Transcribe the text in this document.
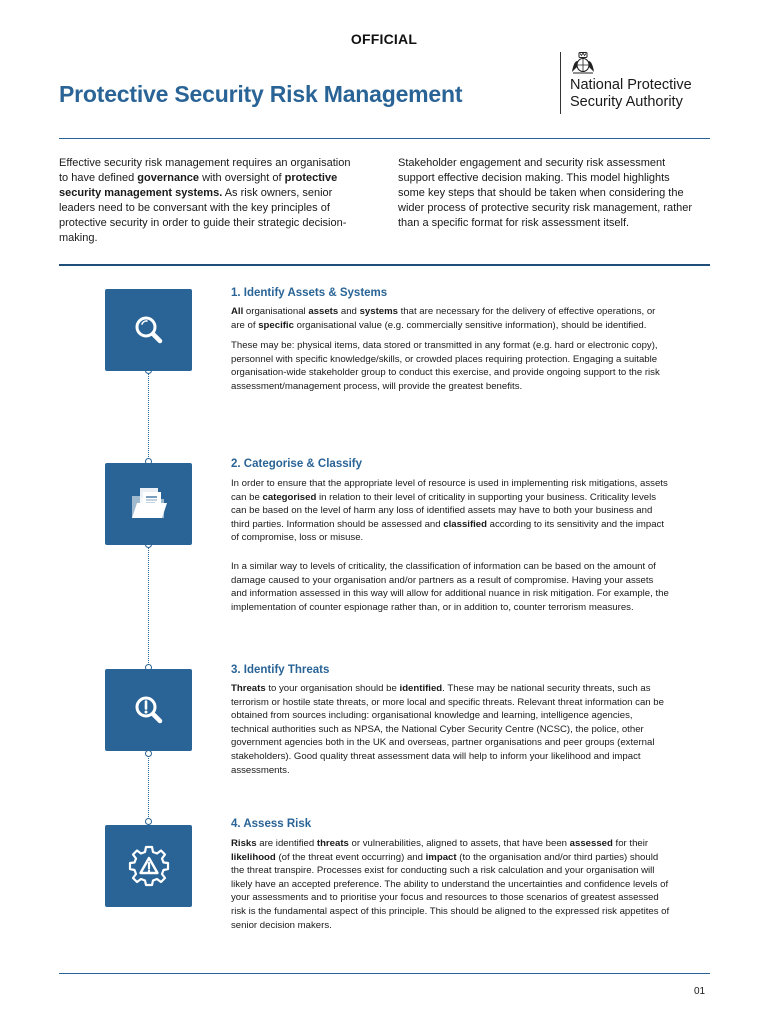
OFFICIAL
Protective Security Risk Management	National Protective
Security Authority
Effective security risk management requires an organisation to have defined governance with oversight of protective security management systems. As risk owners, senior leaders need to be conversant with the key principles of protective security in order to guide their strategic decision-making.
Stakeholder engagement and security risk assessment support effective decision making. This model highlights some key steps that should be taken when considering the wider process of protective security risk management, rather than a specific format for risk assessment itself.
1. Identify Assets & Systems

All organisational assets and systems that are necessary for the delivery of effective operations, or are of specific organisational value (e.g. commercially sensitive information), should be identified.

These may be: physical items, data stored or transmitted in any format (e.g. hard or electronic copy), personnel with specific knowledge/skills, or crowded places requiring protection. Engaging a suitable organisation-wide stakeholder group to conduct this exercise, and provide ongoing support to the risk assessment/management process, will provide the greatest benefits.

2. Categorise & Classify

In order to ensure that the appropriate level of resource is used in implementing risk mitigations, assets can be categorised in relation to their level of criticality in supporting your business. Criticality levels can be based on the level of harm any loss of identified assets may have to both your business and third parties. Information should be assessed and classified according to its sensitivity and the impact of compromise, loss or misuse.

In a similar way to levels of criticality, the classification of information can be based on the amount of damage caused to your organisation and/or partners as a result of compromise. Having your assets and information assessed in this way will allow for additional nuance in risk mitigation. For example, the implementation of counter espionage rather than, or in addition to, counter terrorism measures.

3. Identify Threats

Threats to your organisation should be identified. These may be national security threats, such as terrorism or hostile state threats, or more local and specific threats. Relevant threat information can be obtained from sources including: organisational knowledge and learning, intelligence agencies, technical authorities such as NPSA, the National Cyber Security Centre (NCSC), the police, other government agencies both in the UK and overseas, partner organisations and peer groups (external stakeholders). Good quality threat assessment data will help to inform your likelihood and impact assessments.

4. Assess Risk

Risks are identified threats or vulnerabilities, aligned to assets, that have been assessed for their likelihood (of the threat event occurring) and impact (to the organisation and/or third parties) should the threat transpire. Processes exist for conducting such a risk calculation and your organisation will likely have an accepted preference. The ability to understand the uncertainties and confidence levels of your assessments and to prioritise your focus and resources to those scenarios of greatest assessed risk is the fundamental aspect of this principle. This should be aligned to the expressed risk appetites of senior decision makers.

01
